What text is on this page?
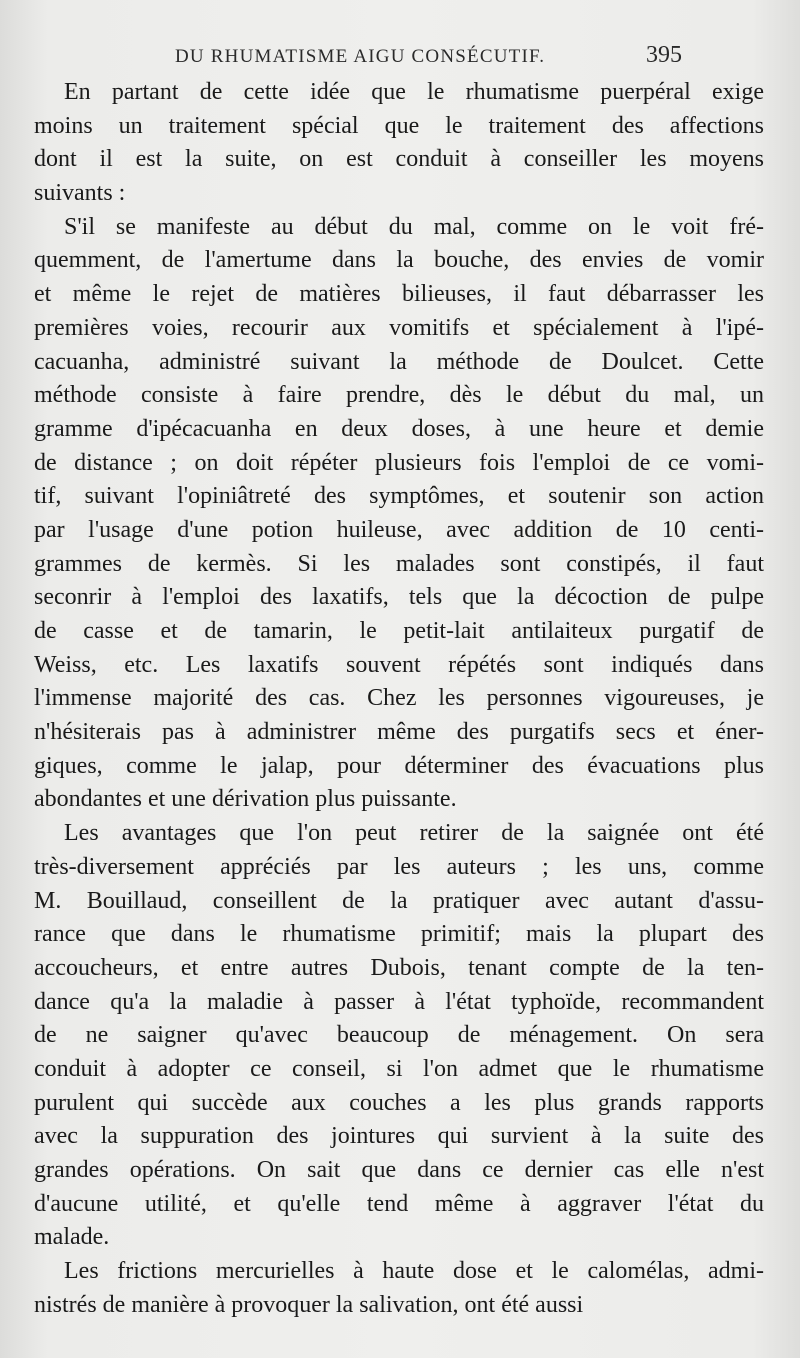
DU RHUMATISME AIGU CONSÉCUTIF.	395
En partant de cette idée que le rhumatisme puerpéral exige
moins un traitement spécial que le traitement des affections
dont il est la suite, on est conduit à conseiller les moyens
suivants :
S'il se manifeste au début du mal, comme on le voit fré-
quemment, de l'amertume dans la bouche, des envies de vomir
et même le rejet de matières bilieuses, il faut débarrasser les
premières voies, recourir aux vomitifs et spécialement à l'ipé-
cacuanha, administré suivant la méthode de Doulcet. Cette
méthode consiste à faire prendre, dès le début du mal, un
gramme d'ipécacuanha en deux doses, à une heure et demie
de distance ; on doit répéter plusieurs fois l'emploi de ce vomi-
tif, suivant l'opiniâtreté des symptômes, et soutenir son action
par l'usage d'une potion huileuse, avec addition de 10 centi-
grammes de kermès. Si les malades sont constipés, il faut
seconrir à l'emploi des laxatifs, tels que la décoction de pulpe
de casse et de tamarin, le petit-lait antilaiteux purgatif de
Weiss, etc. Les laxatifs souvent répétés sont indiqués dans
l'immense majorité des cas. Chez les personnes vigoureuses, je
n'hésiterais pas à administrer même des purgatifs secs et éner-
giques, comme le jalap, pour déterminer des évacuations plus
abondantes et une dérivation plus puissante.
Les avantages que l'on peut retirer de la saignée ont été
très-diversement appréciés par les auteurs ; les uns, comme
M. Bouillaud, conseillent de la pratiquer avec autant d'assu-
rance que dans le rhumatisme primitif; mais la plupart des
accoucheurs, et entre autres Dubois, tenant compte de la ten-
dance qu'a la maladie à passer à l'état typhoïde, recommandent
de ne saigner qu'avec beaucoup de ménagement. On sera
conduit à adopter ce conseil, si l'on admet que le rhumatisme
purulent qui succède aux couches a les plus grands rapports
avec la suppuration des jointures qui survient à la suite des
grandes opérations. On sait que dans ce dernier cas elle n'est
d'aucune utilité, et qu'elle tend même à aggraver l'état du
malade.
Les frictions mercurielles à haute dose et le calomélas, admi-
nistrés de manière à provoquer la salivation, ont été aussi
